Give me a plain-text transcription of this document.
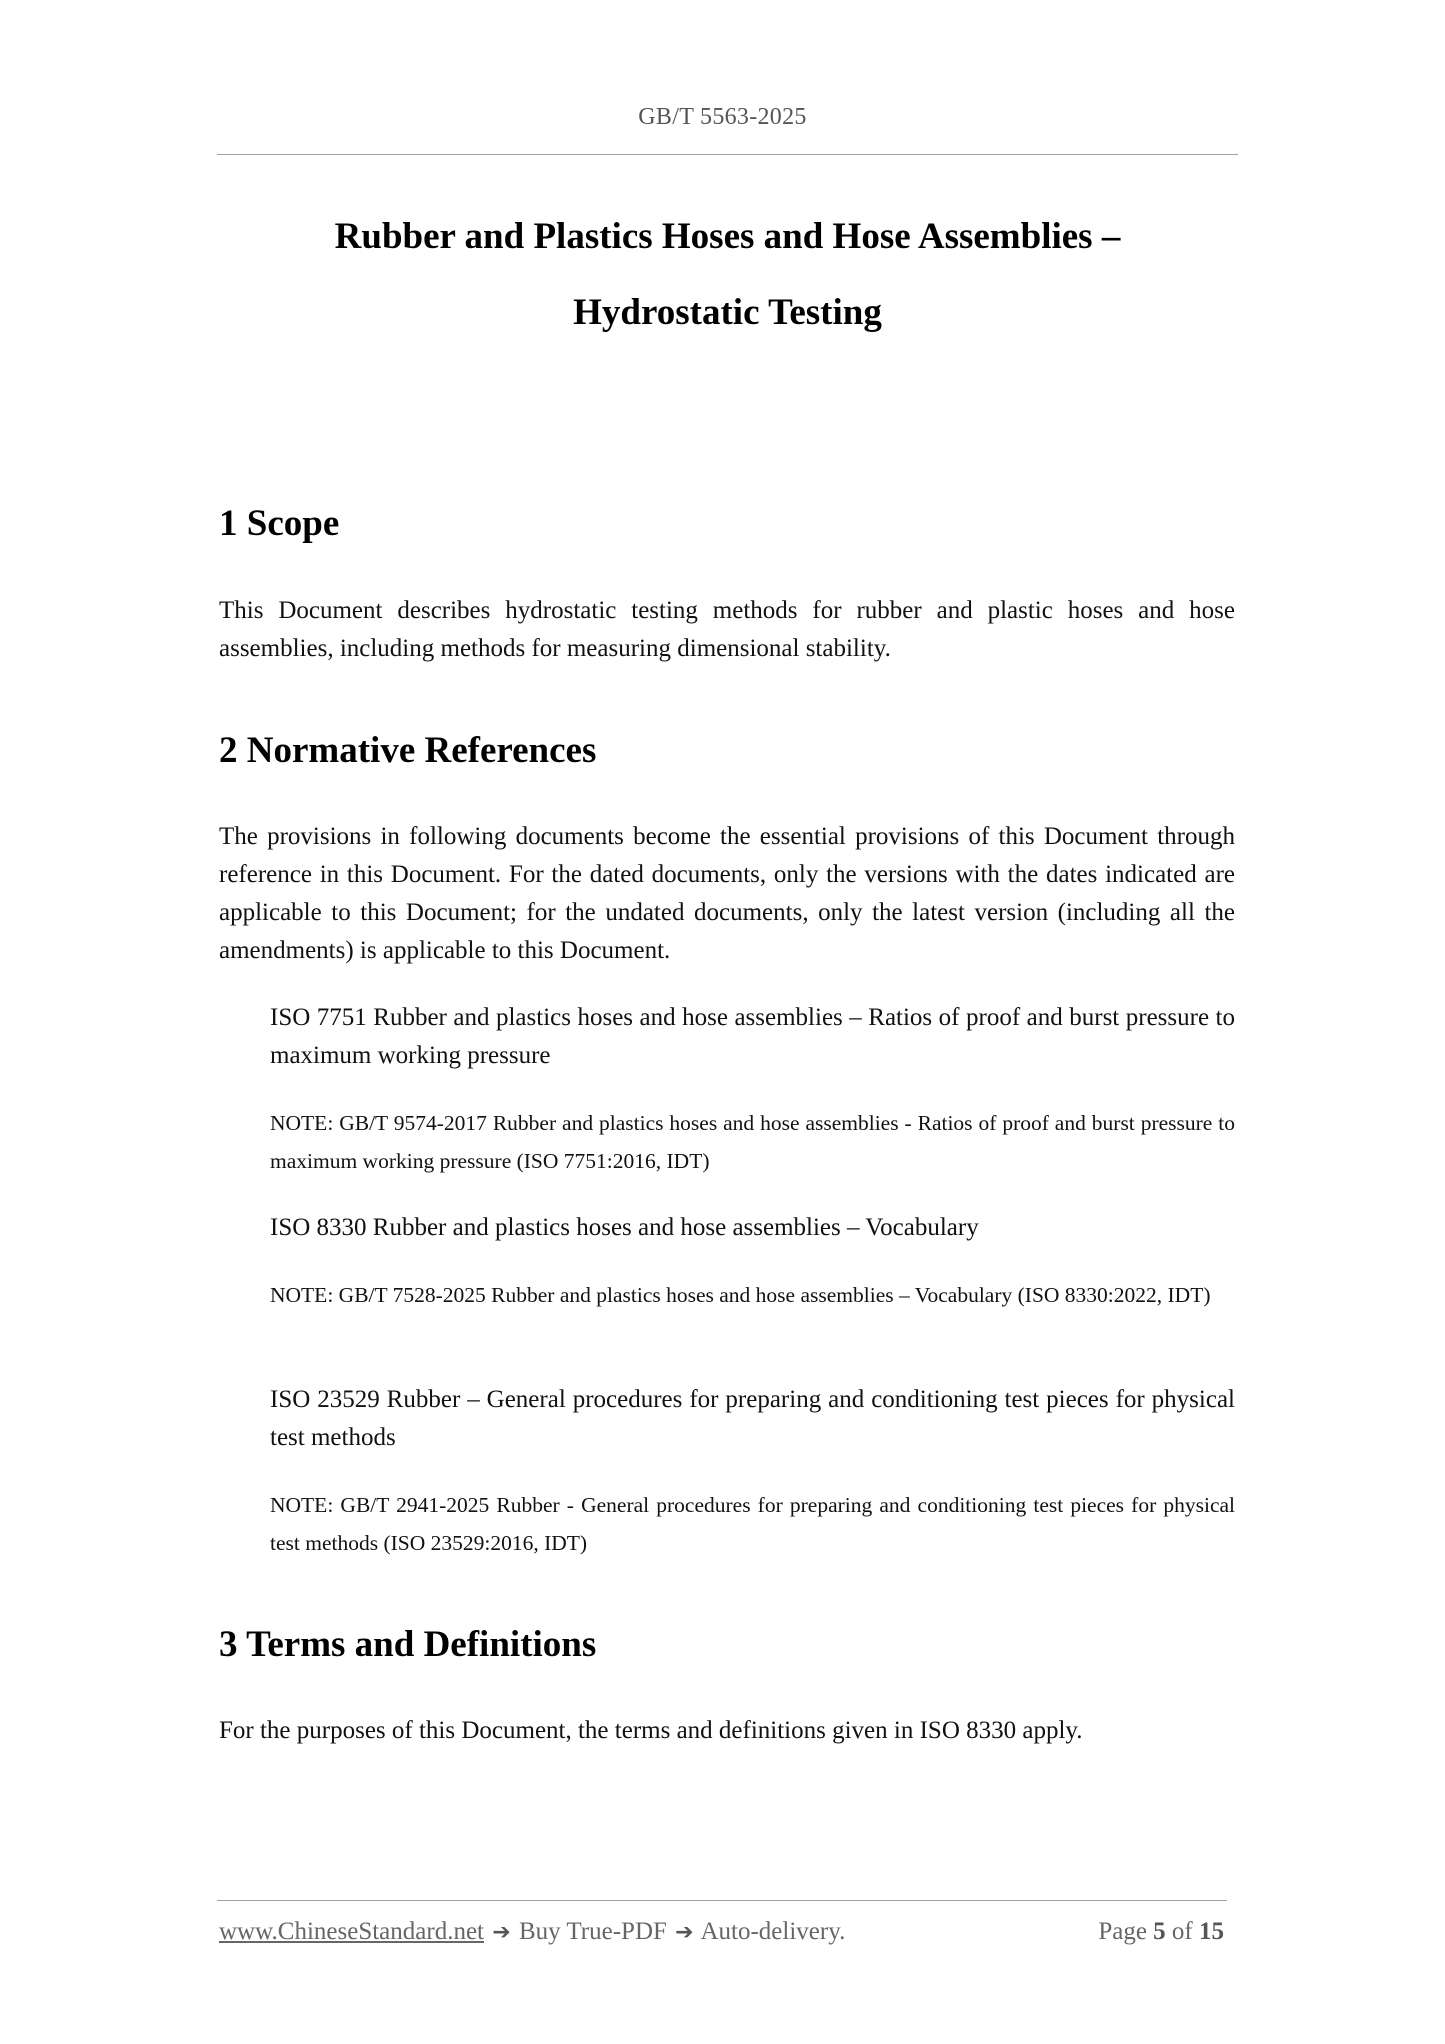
GB/T 5563-2025
Rubber and Plastics Hoses and Hose Assemblies –
Hydrostatic Testing
1 Scope
This Document describes hydrostatic testing methods for rubber and plastic hoses and hose assemblies, including methods for measuring dimensional stability.
2 Normative References
The provisions in following documents become the essential provisions of this Document through reference in this Document. For the dated documents, only the versions with the dates indicated are applicable to this Document; for the undated documents, only the latest version (including all the amendments) is applicable to this Document.
ISO 7751 Rubber and plastics hoses and hose assemblies – Ratios of proof and burst pressure to maximum working pressure
NOTE: GB/T 9574-2017 Rubber and plastics hoses and hose assemblies - Ratios of proof and burst pressure to maximum working pressure (ISO 7751:2016, IDT)
ISO 8330 Rubber and plastics hoses and hose assemblies – Vocabulary
NOTE: GB/T 7528-2025 Rubber and plastics hoses and hose assemblies – Vocabulary (ISO 8330:2022, IDT)
ISO 23529 Rubber – General procedures for preparing and conditioning test pieces for physical test methods
NOTE: GB/T 2941-2025 Rubber - General procedures for preparing and conditioning test pieces for physical test methods (ISO 23529:2016, IDT)
3 Terms and Definitions
For the purposes of this Document, the terms and definitions given in ISO 8330 apply.
www.ChineseStandard.net ➔ Buy True-PDF ➔ Auto-delivery.	Page 5 of 15
